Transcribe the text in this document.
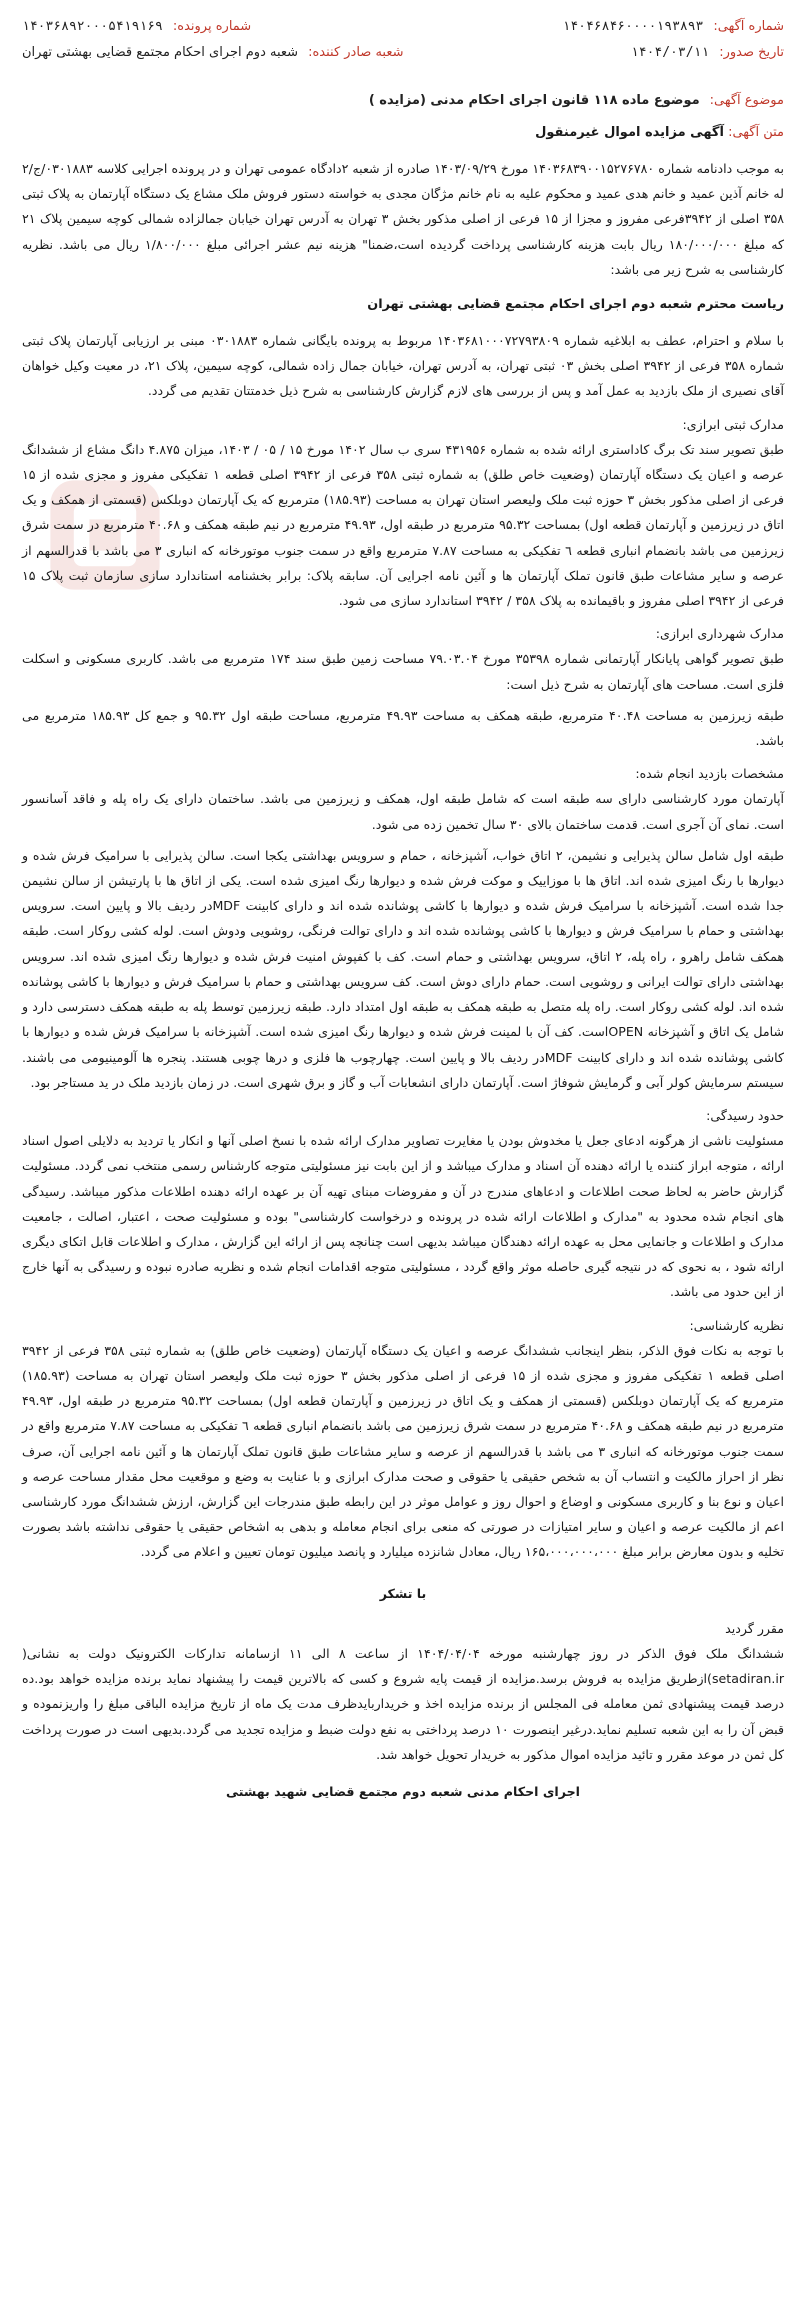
شماره آگهی:
۱۴۰۴۶۸۴۶۰۰۰۰۱۹۳۸۹۳
شماره پرونده:
۱۴۰۳۶۸۹۲۰۰۰۵۴۱۹۱۶۹
تاریخ صدور:
۱۴۰۴/۰۳/۱۱
شعبه صادر کننده:
شعبه دوم اجرای احکام مجتمع قضایی بهشتی تهران
موضوع آگهی:
موضوع ماده ۱۱۸ قانون اجرای احکام مدنی (مزایده )
متن آگهی: آگهی مزایده اموال غیرمنقول

به موجب دادنامه شماره ۱۴۰۳۶۸۳۹۰۰۱۵۲۷۶۷۸۰ مورخ ۱۴۰۳/۰۹/۲۹ صادره از شعبه ۲دادگاه عمومی تهران و در پرونده اجرایی کلاسه ۰۳۰۱۸۸۳/ج/۲ له خانم آذین عمید و خانم هدی عمید و محکوم علیه به نام خانم مژگان مجدی به خواسته دستور فروش ملک مشاع یک دستگاه آپارتمان به پلاک ثبتی ۳۵۸ اصلی از ۳۹۴۲فرعی مفروز و مجزا از ۱۵ فرعی از اصلی مذکور بخش ۳ تهران به آدرس تهران خیابان جمالزاده شمالی کوچه سیمین پلاک ۲۱ که مبلغ ۱۸۰/۰۰۰/۰۰۰ ریال بابت هزینه کارشناسی پرداخت گردیده است،ضمنا" هزینه نیم عشر اجرائی مبلغ ۱/۸۰۰/۰۰۰ ریال می باشد. نظریه کارشناسی به شرح زیر می باشد:

ریاست محترم شعبه دوم اجرای احکام مجتمع قضایی بهشتی تهران

با سلام و احترام، عطف به ابلاغیه شماره ۱۴۰۳۶۸۱۰۰۰۷۲۷۹۳۸۰۹ مربوط به پرونده بایگانی شماره ۰۳۰۱۸۸۳ مبنی بر ارزیابی آپارتمان پلاک ثبتی شماره ۳۵۸ فرعی از ۳۹۴۲ اصلی بخش ۰۳ ثبتی تهران، به آدرس تهران، خیابان جمال زاده شمالی، کوچه سیمین، پلاک ۲۱، در معیت وکیل خواهان آقای نصیری از ملک بازدید به عمل آمد و پس از بررسی های لازم گزارش کارشناسی به شرح ذیل خدمتتان تقدیم می گردد.

مدارک ثبتی ابرازی:

طبق تصویر سند تک برگ کاداستری ارائه شده به شماره ۴۳۱۹۵۶ سری ب سال ۱۴۰۲ مورخ ۱۵ / ۰۵ / ۱۴۰۳، میزان ۴.۸۷۵ دانگ مشاع از ششدانگ عرصه و اعیان یک دستگاه آپارتمان (وضعیت خاص طلق) به شماره ثبتی ۳۵۸ فرعی از ۳۹۴۲ اصلی قطعه ۱ تفکیکی مفروز و مجزی شده از ۱۵ فرعی از اصلی مذکور بخش ۳ حوزه ثبت ملک ولیعصر استان تهران به مساحت (۱۸۵.۹۳) مترمربع که یک آپارتمان دوبلکس (قسمتی از همکف و یک اتاق در زیرزمین و آپارتمان قطعه اول) بمساحت ۹۵.۳۲ مترمربع در طبقه اول، ۴۹.۹۳ مترمربع در نیم طبقه همکف و ۴۰.۶۸ مترمربع در سمت شرق زیرزمین می باشد بانضمام انباری قطعه ٦ تفکیکی به مساحت ۷.۸۷ مترمربع واقع در سمت جنوب موتورخانه که انباری ۳ می باشد با قدرالسهم از عرصه و سایر مشاعات طبق قانون تملک آپارتمان ها و آئین نامه اجرایی آن. سابقه پلاک: برابر بخشنامه استاندارد سازی سازمان ثبت پلاک ۱۵ فرعی از ۳۹۴۲ اصلی مفروز و باقیمانده به پلاک ۳۵۸ / ۳۹۴۲ استاندارد سازی می شود.

مدارک شهرداری ابرازی:

طبق تصویر گواهی پایانکار آپارتمانی شماره ۳۵۳۹۸ مورخ ۷۹.۰۳.۰۴ مساحت زمین طبق سند ۱۷۴ مترمربع می باشد. کاربری مسکونی و اسکلت فلزی است. مساحت های آپارتمان به شرح ذیل است:

طبقه زیرزمین به مساحت ۴۰.۴۸ مترمربع، طبقه همکف به مساحت ۴۹.۹۳ مترمربع، مساحت طبقه اول ۹۵.۳۲ و جمع کل ۱۸۵.۹۳ مترمربع می باشد.

مشخصات بازدید انجام شده:

آپارتمان مورد کارشناسی دارای سه طبقه است که شامل طبقه اول، همکف و زیرزمین می باشد. ساختمان دارای یک راه پله و فاقد آسانسور است. نمای آن آجری است. قدمت ساختمان بالای ۳۰ سال تخمین زده می شود.

طبقه اول شامل سالن پذیرایی و نشیمن، ۲ اتاق خواب، آشپزخانه ، حمام و سرویس بهداشتی یکجا است. سالن پذیرایی با سرامیک فرش شده و دیوارها با رنگ امیزی شده اند. اتاق ها با موزاییک و موکت فرش شده و دیوارها رنگ امیزی شده است. یکی از اتاق ها با پارتیشن از سالن نشیمن جدا شده است. آشپزخانه با سرامیک فرش شده و دیوارها با کاشی پوشانده شده اند و دارای کابینت MDFدر ردیف بالا و پایین است. سرویس بهداشتی و حمام با سرامیک فرش و دیوارها با کاشی پوشانده شده اند و دارای توالت فرنگی، روشویی ودوش است. لوله کشی روکار است. طبقه همکف شامل راهرو ، راه پله، ۲ اتاق، سرویس بهداشتی و حمام است. کف با کفپوش امنیت فرش شده و دیوارها رنگ امیزی شده اند. سرویس بهداشتی دارای توالت ایرانی و روشویی است. حمام دارای دوش است. کف سرویس بهداشتی و حمام با سرامیک فرش و دیوارها با کاشی پوشانده شده اند. لوله کشی روکار است. راه پله متصل به طبقه همکف به طبقه اول امتداد دارد. طبقه زیرزمین توسط پله به طبقه همکف دسترسی دارد و شامل یک اتاق و آشپزخانه OPENاست. کف آن با لمینت فرش شده و دیوارها رنگ امیزی شده است. آشپزخانه با سرامیک فرش شده و دیوارها با کاشی پوشانده شده اند و دارای کابینت MDFدر ردیف بالا و پایین است. چهارچوب ها فلزی و درها چوبی هستند. پنجره ها آلومینیومی می باشند. سیستم سرمایش کولر آبی و گرمایش شوفاژ است. آپارتمان دارای انشعابات آب و گاز و برق شهری است. در زمان بازدید ملک در ید مستاجر بود.

حدود رسیدگی:

مسئولیت ناشی از هرگونه ادعای جعل یا مخدوش بودن یا مغایرت تصاویر مدارک ارائه شده با نسخ اصلی آنها و انکار یا تردید به دلایلی اصول اسناد ارائه ، متوجه ابراز کننده یا ارائه دهنده آن اسناد و مدارک میباشد و از این بابت نیز مسئولیتی متوجه کارشناس رسمی منتخب نمی گردد. مسئولیت گزارش حاضر به لحاظ صحت اطلاعات و ادعاهای مندرج در آن و مفروضات مبنای تهیه آن بر عهده ارائه دهنده اطلاعات مذکور میباشد. رسیدگی های انجام شده محدود به "مدارک و اطلاعات ارائه شده در پرونده و درخواست کارشناسی" بوده و مسئولیت صحت ، اعتبار، اصالت ، جامعیت مدارک و اطلاعات و جانمایی محل به عهده ارائه دهندگان میباشد بدیهی است چنانچه پس از ارائه این گزارش ، مدارک و اطلاعات قابل اتکای دیگری ارائه شود ، به نحوی که در نتیجه گیری حاصله موثر واقع گردد ، مسئولیتی متوجه اقدامات انجام شده و نظریه صادره نبوده و رسیدگی به آنها خارج از این حدود می باشد.

نظریه کارشناسی:

با توجه به نکات فوق الذکر، بنظر اینجانب ششدانگ عرصه و اعیان یک دستگاه آپارتمان (وضعیت خاص طلق) به شماره ثبتی ۳۵۸ فرعی از ۳۹۴۲ اصلی قطعه ۱ تفکیکی مفروز و مجزی شده از ۱۵ فرعی از اصلی مذکور بخش ۳ حوزه ثبت ملک ولیعصر استان تهران به مساحت (۱۸۵.۹۳) مترمربع که یک آپارتمان دوبلکس (قسمتی از همکف و یک اتاق در زیرزمین و آپارتمان قطعه اول) بمساحت ۹۵.۳۲ مترمربع در طبقه اول، ۴۹.۹۳ مترمربع در نیم طبقه همکف و ۴۰.۶۸ مترمربع در سمت شرق زیرزمین می باشد بانضمام انباری قطعه ٦ تفکیکی به مساحت ۷.۸۷ مترمربع واقع در سمت جنوب موتورخانه که انباری ۳ می باشد با قدرالسهم از عرصه و سایر مشاعات طبق قانون تملک آپارتمان ها و آئین نامه اجرایی آن، صرف نظر از احراز مالکیت و انتساب آن به شخص حقیقی یا حقوقی و صحت مدارک ابرازی و با عنایت به وضع و موقعیت محل مقدار مساحت عرصه و اعیان و نوع بنا و کاربری مسکونی و اوضاع و احوال روز و عوامل موثر در این رابطه طبق مندرجات این گزارش، ارزش ششدانگ مورد کارشناسی اعم از مالکیت عرصه و اعیان و سایر امتیازات در صورتی که منعی برای انجام معامله و بدهی به اشخاص حقیقی یا حقوقی نداشته باشد بصورت تخلیه و بدون معارض برابر مبلغ ۱۶۵،۰۰۰،۰۰۰،۰۰۰ ریال، معادل شانزده میلیارد و پانصد میلیون تومان تعیین و اعلام می گردد.

با تشکر

مقرر گردید

ششدانگ ملک فوق الذکر در روز چهارشنبه مورخه ۱۴۰۴/۰۴/۰۴ از ساعت ۸ الی ۱۱ ازسامانه تدارکات الکترونیک دولت به نشانی( setadiran.ir)ازطریق مزایده به فروش برسد.مزایده از قیمت پایه شروع و کسی که بالاترین قیمت را پیشنهاد نماید برنده مزایده خواهد بود.ده درصد قیمت پیشنهادی ثمن معامله فی المجلس از برنده مزایده اخذ و خریداربایدظرف مدت یک ماه از تاریخ مزایده الباقی مبلغ را واریزنموده و قبض آن را به این شعبه تسلیم نماید.درغیر اینصورت ۱۰ درصد پرداختی به نفع دولت ضبط و مزایده تجدید می گردد.بدیهی است در صورت پرداخت کل ثمن در موعد مقرر و تائید مزایده اموال مذکور به خریدار تحویل خواهد شد.

اجرای احکام مدنی شعبه دوم مجتمع قضایی شهید بهشتی
